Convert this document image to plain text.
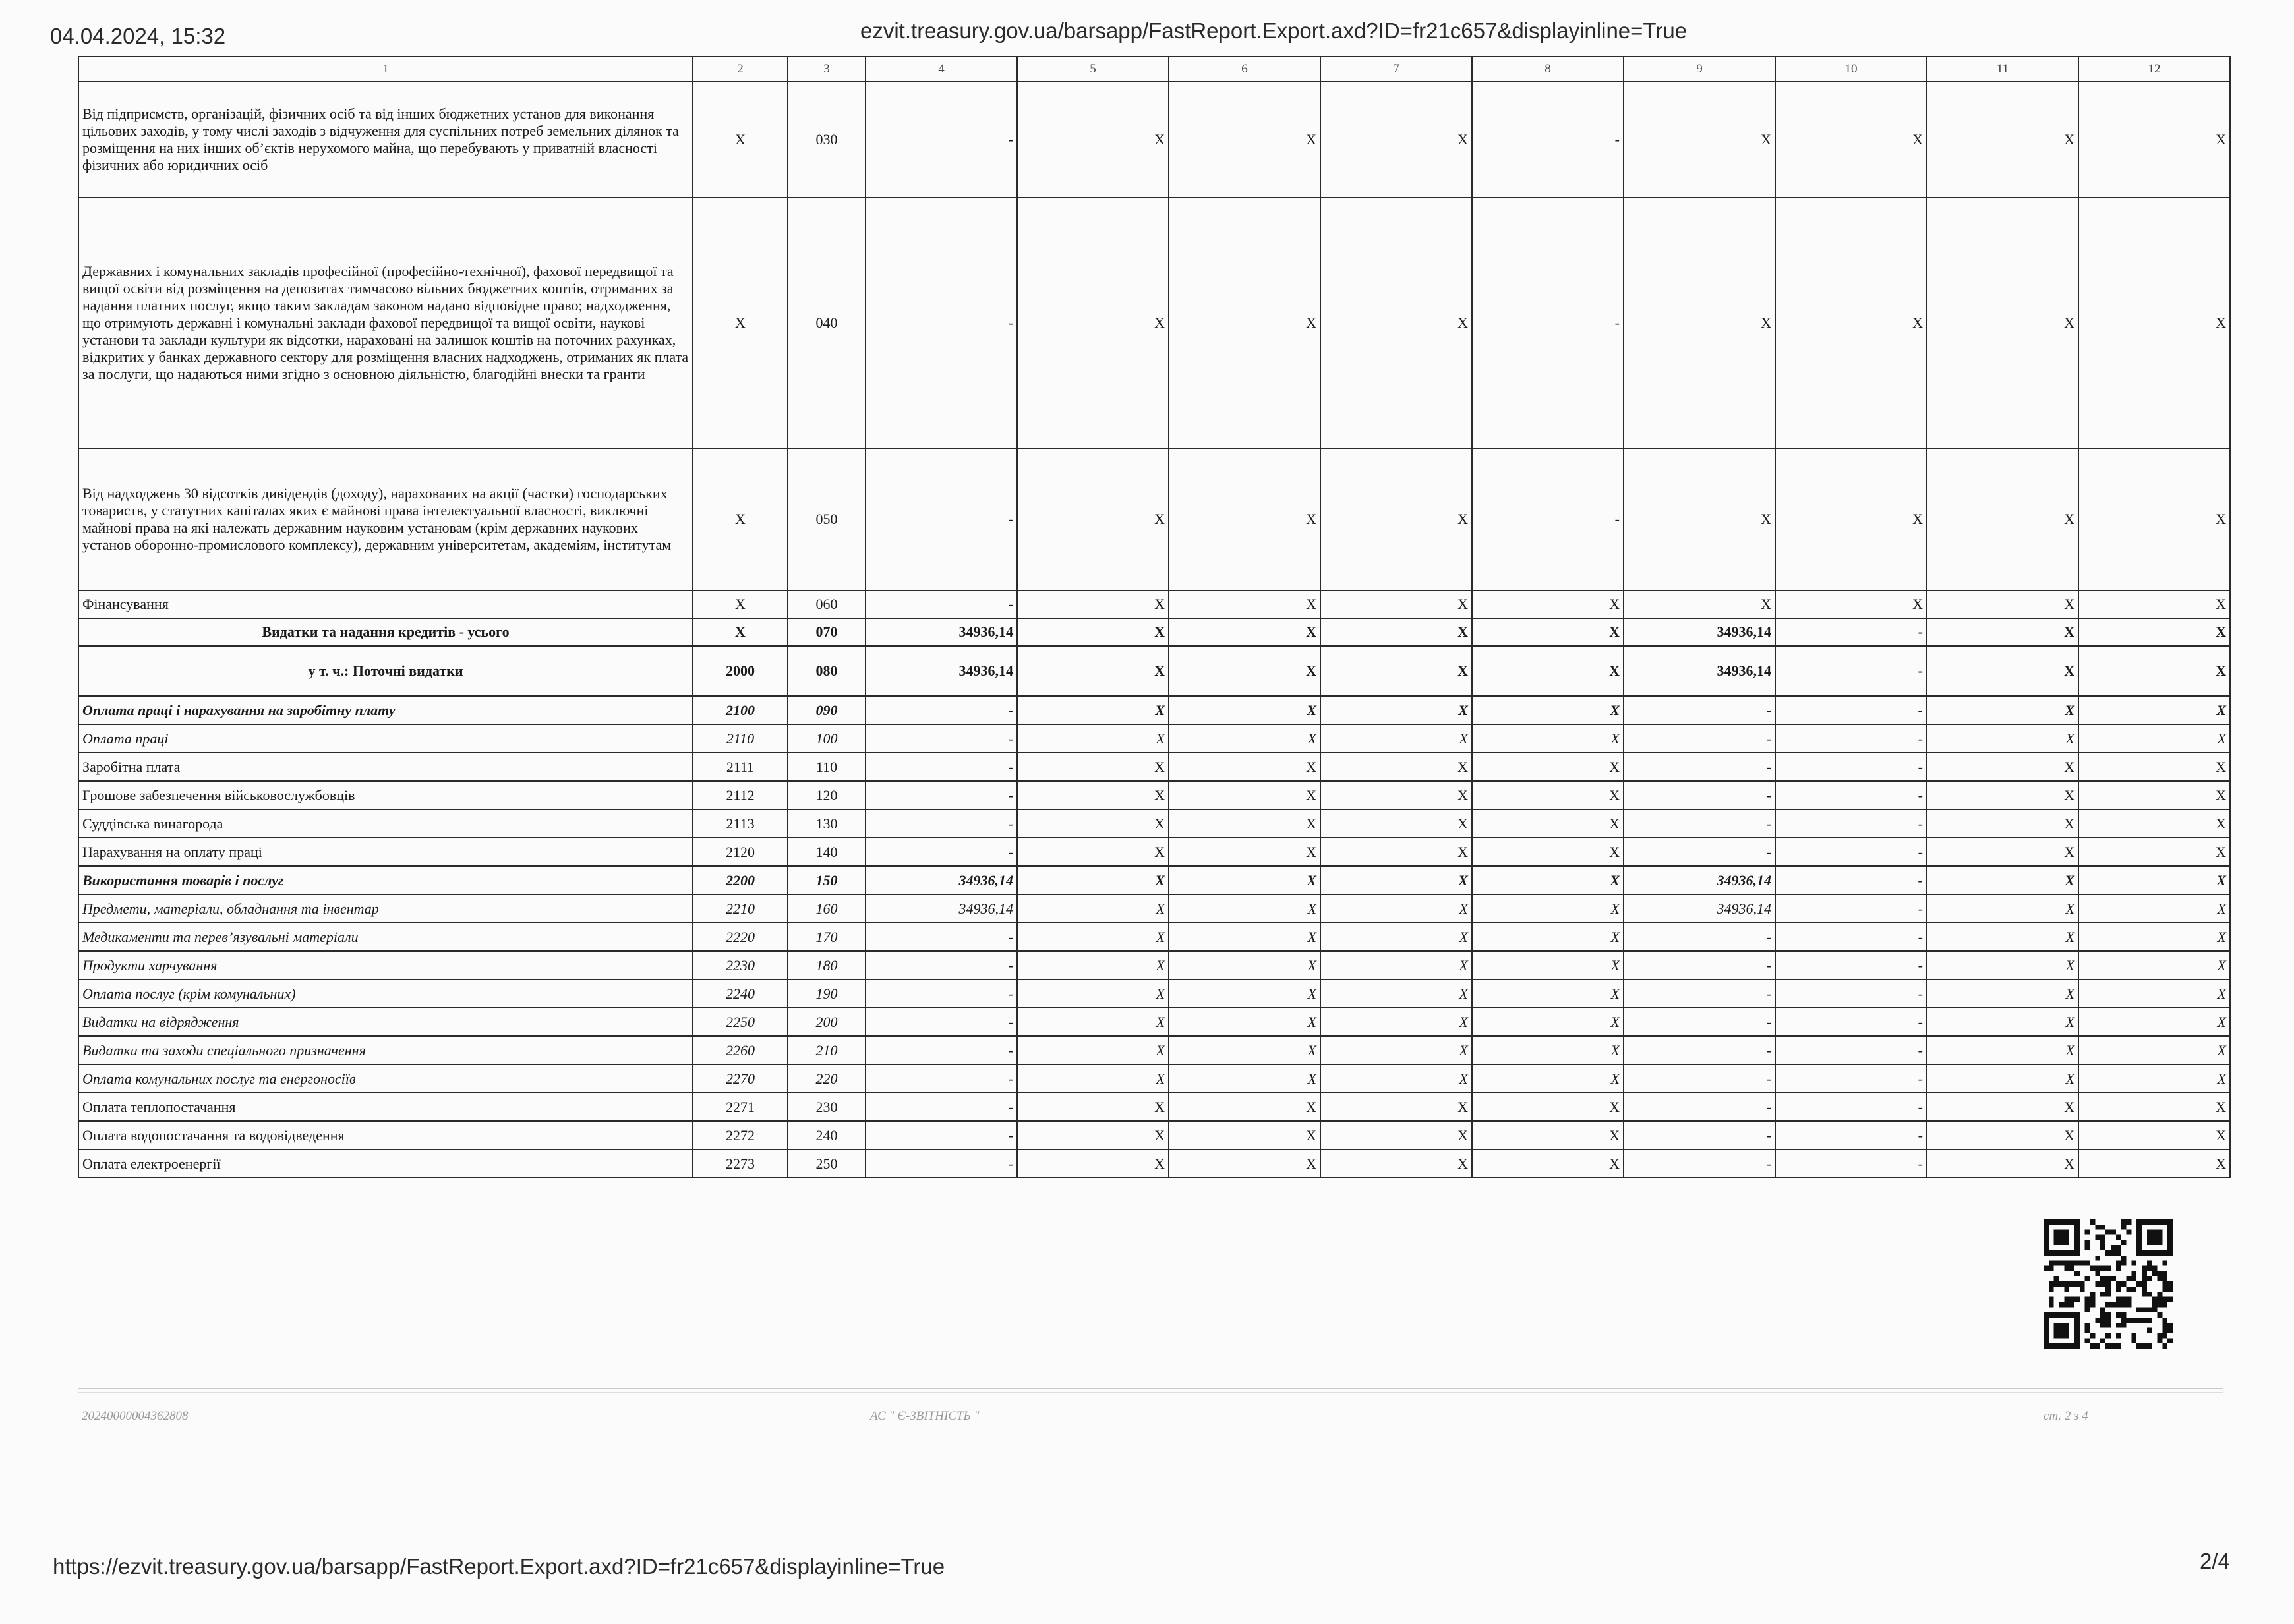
04.04.2024, 15:32	ezvit.treasury.gov.ua/barsapp/FastReport.Export.axd?ID=fr21c657&displayinline=True
1	2	3	4	5	6	7	8	9	10	11	12
Від підприємств, організацій, фізичних осіб та від інших бюджетних установ для виконання цільових заходів, у тому числі заходів з відчуження для суспільних потреб земельних ділянок та розміщення на них інших об’єктів нерухомого майна, що перебувають у приватній власності фізичних або юридичних осіб	X	030	-	X	X	X	-	X	X	X	X
Державних і комунальних закладів професійної (професійно-технічної), фахової передвищої та вищої освіти від розміщення на депозитах тимчасово вільних бюджетних коштів, отриманих за надання платних послуг, якщо таким закладам законом надано відповідне право; надходження, що отримують державні і комунальні заклади фахової передвищої та вищої освіти, наукові установи та заклади культури як відсотки, нараховані на залишок коштів на поточних рахунках, відкритих у банках державного сектору для розміщення власних надходжень, отриманих як плата за послуги, що надаються ними згідно з основною діяльністю, благодійні внески та гранти	X	040	-	X	X	X	-	X	X	X	X
Від надходжень 30 відсотків дивідендів (доходу), нарахованих на акції (частки) господарських товариств, у статутних капіталах яких є майнові права інтелектуальної власності, виключні майнові права на які належать державним науковим установам (крім державних наукових установ оборонно-промислового комплексу), державним університетам, академіям, інститутам	X	050	-	X	X	X	-	X	X	X	X
Фінансування	X	060	-	X	X	X	X	X	X	X	X
Видатки та надання кредитів - усього	X	070	34936,14	X	X	X	X	34936,14	-	X	X
у т. ч.: Поточні видатки	2000	080	34936,14	X	X	X	X	34936,14	-	X	X
Оплата праці і нарахування на заробітну плату	2100	090	-	X	X	X	X	-	-	X	X
Оплата праці	2110	100	-	X	X	X	X	-	-	X	X
Заробітна плата	2111	110	-	X	X	X	X	-	-	X	X
Грошове забезпечення військовослужбовців	2112	120	-	X	X	X	X	-	-	X	X
Суддівська винагорода	2113	130	-	X	X	X	X	-	-	X	X
Нарахування на оплату праці	2120	140	-	X	X	X	X	-	-	X	X
Використання товарів і послуг	2200	150	34936,14	X	X	X	X	34936,14	-	X	X
Предмети, матеріали, обладнання та інвентар	2210	160	34936,14	X	X	X	X	34936,14	-	X	X
Медикаменти та перев’язувальні матеріали	2220	170	-	X	X	X	X	-	-	X	X
Продукти харчування	2230	180	-	X	X	X	X	-	-	X	X
Оплата послуг (крім комунальних)	2240	190	-	X	X	X	X	-	-	X	X
Видатки на відрядження	2250	200	-	X	X	X	X	-	-	X	X
Видатки та заходи спеціального призначення	2260	210	-	X	X	X	X	-	-	X	X
Оплата комунальних послуг та енергоносіїв	2270	220	-	X	X	X	X	-	-	X	X
Оплата теплопостачання	2271	230	-	X	X	X	X	-	-	X	X
Оплата водопостачання та водовідведення	2272	240	-	X	X	X	X	-	-	X	X
Оплата електроенергії	2273	250	-	X	X	X	X	-	-	X	X
20240000004362808	АС " Є-ЗВІТНІСТЬ "	ст. 2 з 4
https://ezvit.treasury.gov.ua/barsapp/FastReport.Export.axd?ID=fr21c657&displayinline=True	2/4
